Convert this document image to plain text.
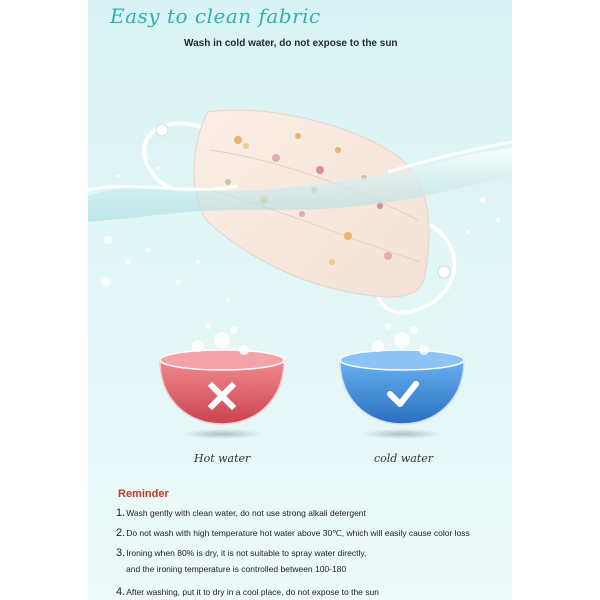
Easy to clean fabric
Wash in cold water, do not expose to the sun
Hot water	cold water
Reminder
1.Wash gently with clean water, do not use strong alkali detergent
2.Do not wash with high temperature hot water above 30℃, which will easily cause color loss
3.Ironing when 80% is dry, it is not suitable to spray water directly,
and the ironing temperature is controlled between 100-180
4.After washing, put it to dry in a cool place, do not expose to the sun
